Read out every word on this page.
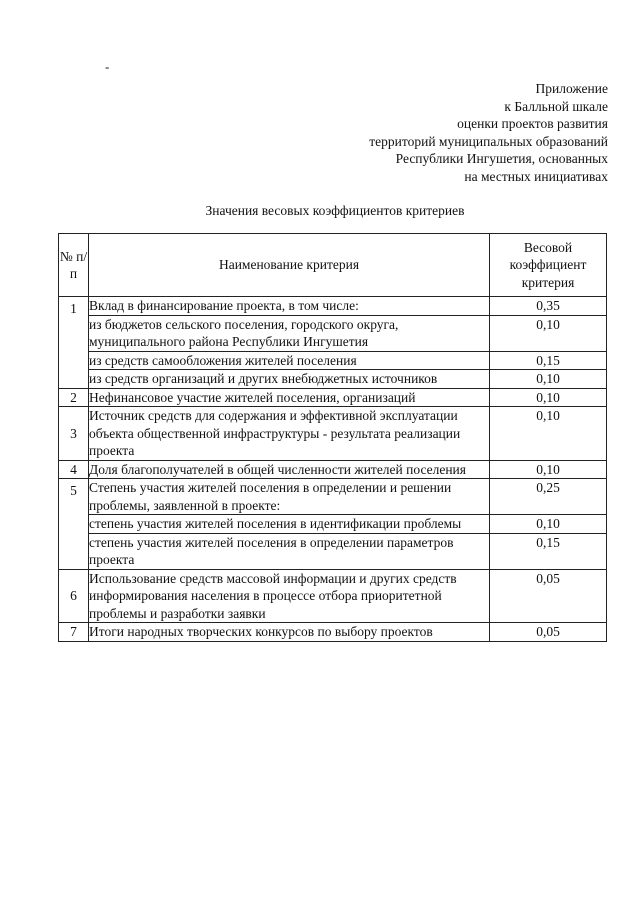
-
Приложение
к Балльной шкале
оценки проектов развития
территорий муниципальных образований
Республики Ингушетия, основанных
на местных инициативах
Значения весовых коэффициентов критериев
№ п/п	Наименование критерия	Весовой коэффициент критерия
1	Вклад в финансирование проекта, в том числе:	0,35
	из бюджетов сельского поселения, городского округа, муниципального района Республики Ингушетия	0,10
	из средств самообложения жителей поселения	0,15
	из средств организаций и других внебюджетных источников	0,10
2	Нефинансовое участие жителей поселения, организаций	0,10
3	Источник средств для содержания и эффективной эксплуатации объекта общественной инфраструктуры - результата реализации проекта	0,10
4	Доля благополучателей в общей численности жителей поселения	0,10
5	Степень участия жителей поселения в определении и решении проблемы, заявленной в проекте:	0,25
	степень участия жителей поселения в идентификации проблемы	0,10
	степень участия жителей поселения в определении параметров проекта	0,15
6	Использование средств массовой информации и других средств информирования населения в процессе отбора приоритетной проблемы и разработки заявки	0,05
7	Итоги народных творческих конкурсов по выбору проектов	0,05
